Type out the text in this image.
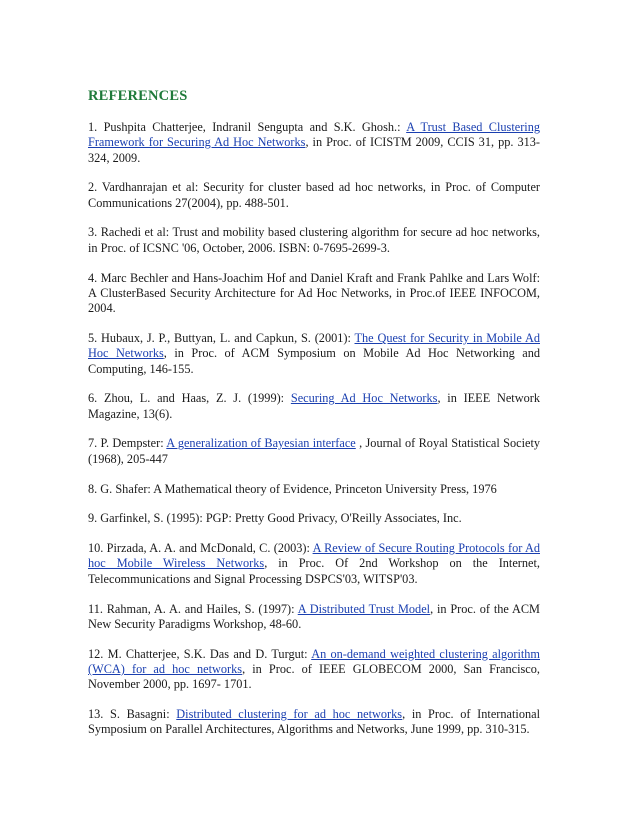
REFERENCES
1. Pushpita Chatterjee, Indranil Sengupta and S.K. Ghosh.: A Trust Based Clustering Framework for Securing Ad Hoc Networks, in Proc. of ICISTM 2009, CCIS 31, pp. 313-324, 2009.
2. Vardhanrajan et al: Security for cluster based ad hoc networks, in Proc. of Computer Communications 27(2004), pp. 488-501.
3. Rachedi et al: Trust and mobility based clustering algorithm for secure ad hoc networks, in Proc. of ICSNC '06, October, 2006. ISBN: 0-7695-2699-3.
4. Marc Bechler and Hans-Joachim Hof and Daniel Kraft and Frank Pahlke and Lars Wolf: A ClusterBased Security Architecture for Ad Hoc Networks, in Proc.of IEEE INFOCOM, 2004.
5. Hubaux, J. P., Buttyan, L. and Capkun, S. (2001): The Quest for Security in Mobile Ad Hoc Networks, in Proc. of ACM Symposium on Mobile Ad Hoc Networking and Computing, 146-155.
6. Zhou, L. and Haas, Z. J. (1999): Securing Ad Hoc Networks, in IEEE Network Magazine, 13(6).
7. P. Dempster: A generalization of Bayesian interface , Journal of Royal Statistical Society (1968), 205-447
8. G. Shafer: A Mathematical theory of Evidence, Princeton University Press, 1976
9. Garfinkel, S. (1995): PGP: Pretty Good Privacy, O'Reilly Associates, Inc.
10. Pirzada, A. A. and McDonald, C. (2003): A Review of Secure Routing Protocols for Ad hoc Mobile Wireless Networks, in Proc. Of 2nd Workshop on the Internet, Telecommunications and Signal Processing DSPCS'03, WITSP'03.
11. Rahman, A. A. and Hailes, S. (1997): A Distributed Trust Model, in Proc. of the ACM New Security Paradigms Workshop, 48-60.
12. M. Chatterjee, S.K. Das and D. Turgut: An on-demand weighted clustering algorithm (WCA) for ad hoc networks, in Proc. of IEEE GLOBECOM 2000, San Francisco, November 2000, pp. 1697- 1701.
13. S. Basagni: Distributed clustering for ad hoc networks, in Proc. of International Symposium on Parallel Architectures, Algorithms and Networks, June 1999, pp. 310-315.
